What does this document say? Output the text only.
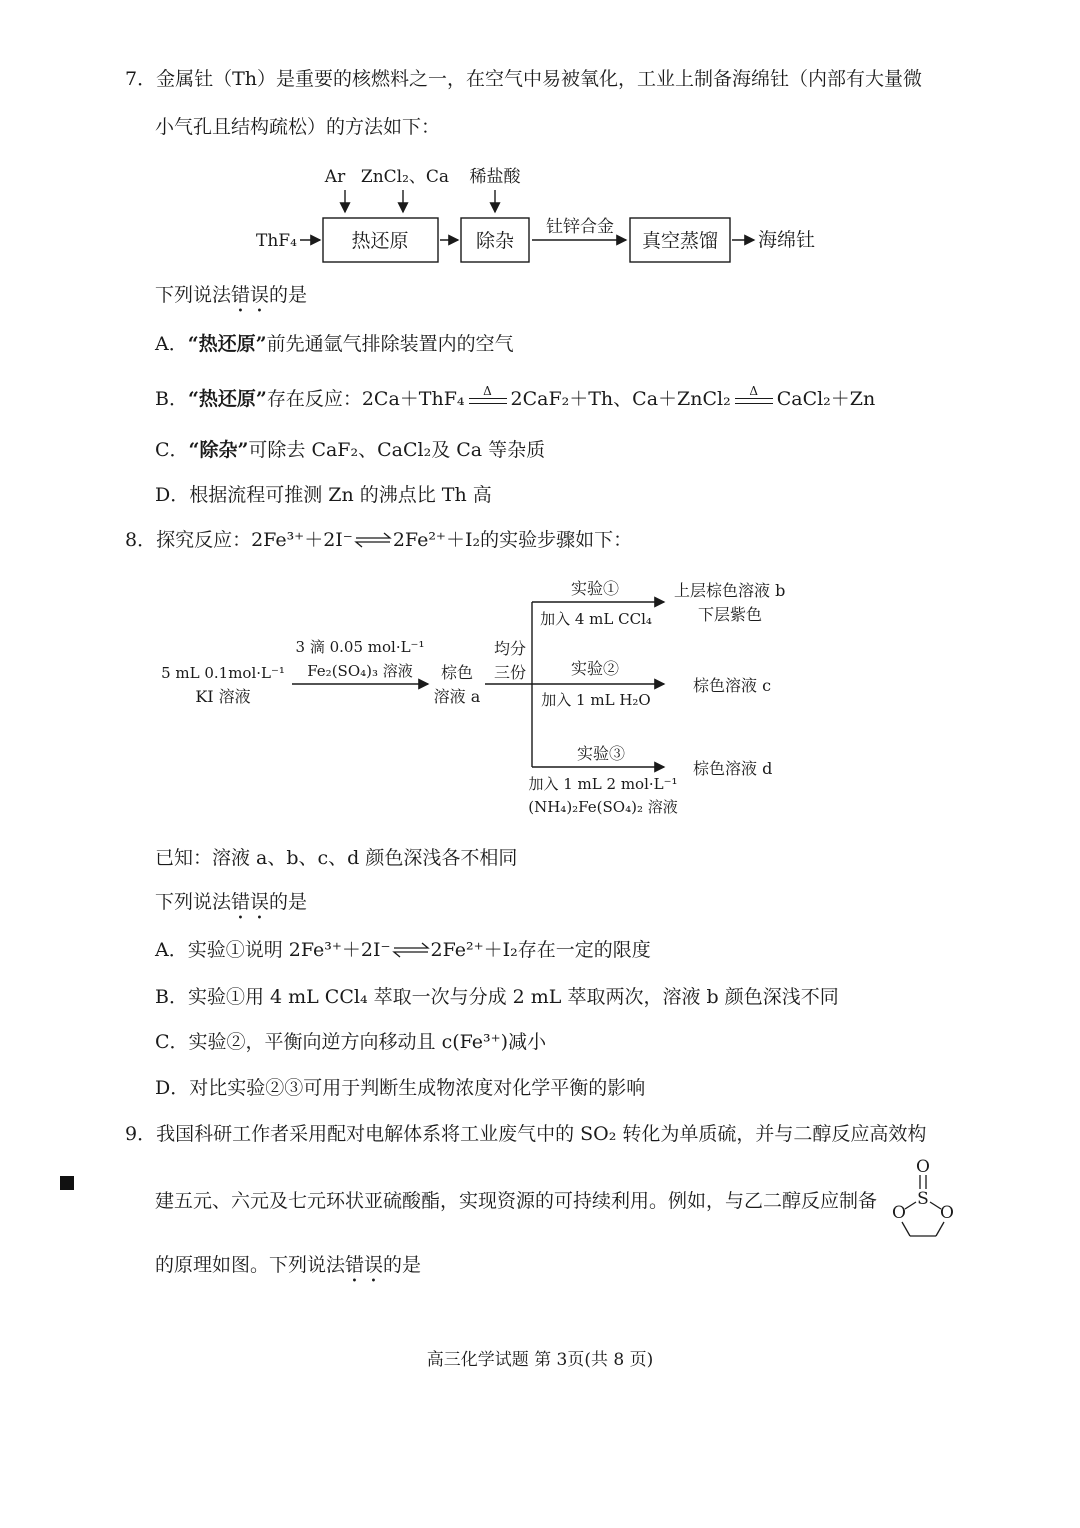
7．金属钍（Th）是重要的核燃料之一，在空气中易被氧化，工业上制备海绵钍（内部有大量微

小气孔且结构疏松）的方法如下：

Ar ZnCl₂、Ca 稀盐酸
ThF₄	热还原	除杂
钍锌合金
真空蒸馏 海绵钍

下列说法错误的是

A．“热还原”前先通氩气排除装置内的空气

B．“热还原”存在反应：2Ca＋ThF₄	Δ 2CaF₂＋Th、Ca＋ZnCl₂	Δ CaCl₂＋Zn

C．“除杂”可除去 CaF₂、CaCl₂及 Ca 等杂质

D．根据流程可推测 Zn 的沸点比 Th 高

8．探究反应：2Fe³⁺＋2I⁻⇌2Fe²⁺＋I₂的实验步骤如下：

5 mL 0.1mol·L⁻¹
KI 溶液
3 滴 0.05 mol·L⁻¹
Fe₂(SO₄)₃ 溶液 棕色
溶液 a
均分
三份
实验①
加入 4 mL CCl₄
上层棕色溶液 b
下层紫色
实验②
加入 1 mL H₂O
棕色溶液 c
实验③
加入 1 mL 2 mol·L⁻¹
(NH₄)₂Fe(SO₄)₂ 溶液
棕色溶液 d

已知：溶液 a、b、c、d 颜色深浅各不相同

下列说法错误的是

A．实验①说明 2Fe³⁺＋2I⁻⇌2Fe²⁺＋I₂存在一定的限度

B．实验①用 4 mL CCl₄ 萃取一次与分成 2 mL 萃取两次，溶液 b 颜色深浅不同

C．实验②，平衡向逆方向移动且 c(Fe³⁺)减小

D．对比实验②③可用于判断生成物浓度对化学平衡的影响

9．我国科研工作者采用配对电解体系将工业废气中的 SO₂ 转化为单质硫，并与二醇反应高效构

建五元、六元及七元环状亚硫酸酯，实现资源的可持续利用。例如，与乙二醇反应制备

O
S
O O

的原理如图。下列说法错误的是

高三化学试题 第 3页(共 8 页)
